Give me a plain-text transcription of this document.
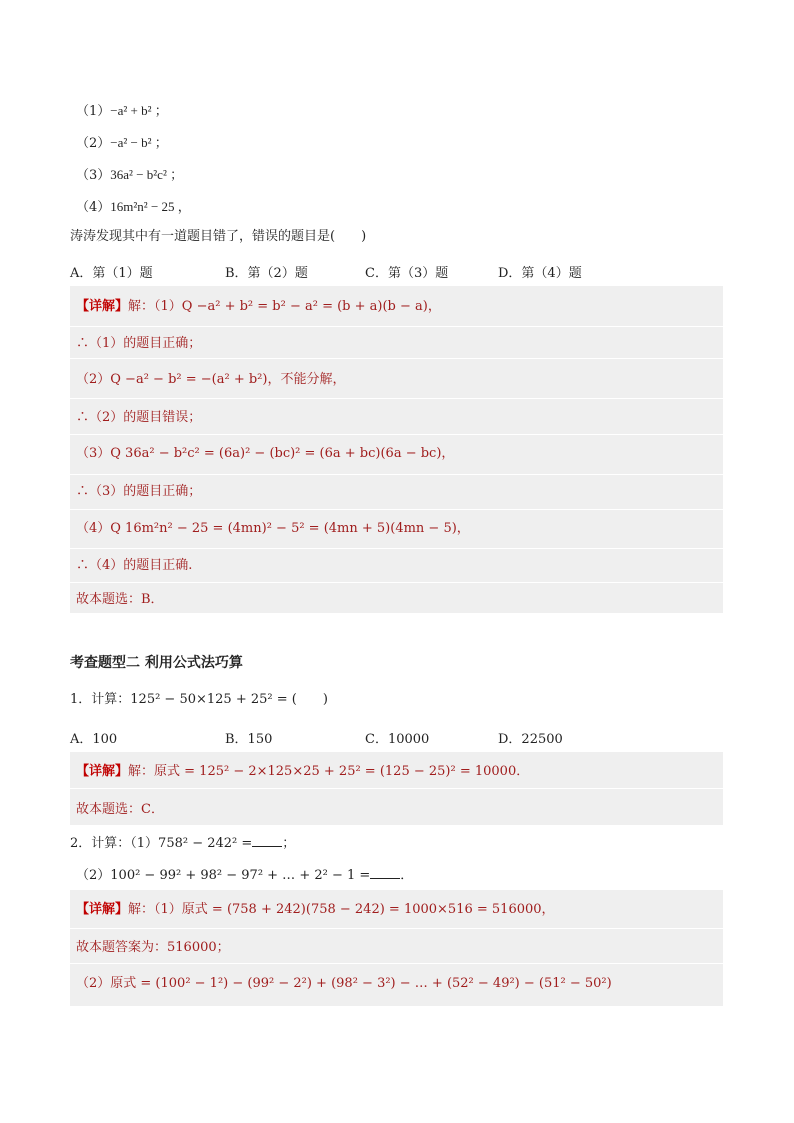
（1）−a² + b² ；
（2）−a² − b² ；
（3）36a² − b²c² ；
（4）16m²n² − 25 ，
涛涛发现其中有一道题目错了，错误的题目是(　　)
A．第（1）题	B．第（2）题	C．第（3）题	D．第（4）题
【详解】解：（1）Q −a² + b² = b² − a² = (b + a)(b − a)，
∴（1）的题目正确；
（2）Q −a² − b² = −(a² + b²)，不能分解，
∴（2）的题目错误；
（3）Q 36a² − b²c² = (6a)² − (bc)² = (6a + bc)(6a − bc)，
∴（3）的题目正确；
（4）Q 16m²n² − 25 = (4mn)² − 5² = (4mn + 5)(4mn − 5)，
∴（4）的题目正确.
故本题选：B．
考查题型二 利用公式法巧算
1．计算：125² − 50×125 + 25² = (　　)
A．100	B．150	C．10000	D．22500
【详解】解：原式 = 125² − 2×125×25 + 25² = (125 − 25)² = 10000．
故本题选：C．
2．计算：（1）758² − 242² = ；
（2）100² − 99² + 98² − 97² + … + 2² − 1 = ．
【详解】解：（1）原式 = (758 + 242)(758 − 242) = 1000×516 = 516000，
故本题答案为：516000；
（2）原式 = (100² − 1²) − (99² − 2²) + (98² − 3²) − … + (52² − 49²) − (51² − 50²)
